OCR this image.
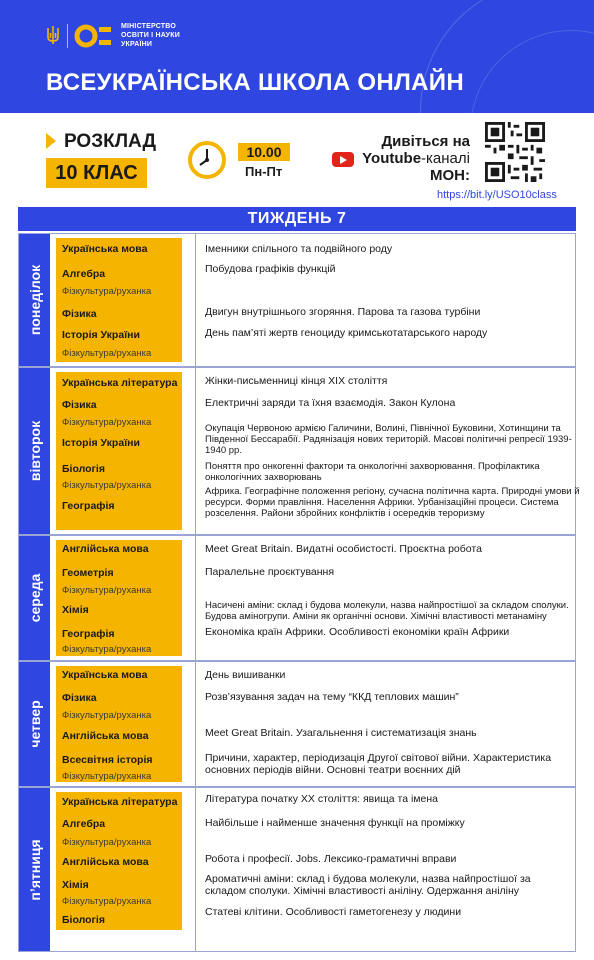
МІНІСТЕРСТВО
ОСВІТИ І НАУКИ
УКРАЇНИ
ВСЕУКРАЇНСЬКА ШКОЛА ОНЛАЙН
РОЗКЛАД
10 КЛАС
10.00
Пн-Пт
Дивіться на
Youtube-каналі
МОН:
https://bit.ly/USO10class
ТИЖДЕНЬ 7
понеділок
Українська мова
Алгебра
Фізкультура/руханка
Фізика
Історія України
Фізкультура/руханка
Іменники спільного та подвійного роду
Побудова графіків функцій
Двигун внутрішнього згоряння. Парова та газова турбіни
День пам’яті жертв геноциду кримськотатарського народу
вівторок
Українська література
Фізика
Фізкультура/руханка
Історія України
Біологія
Фізкультура/руханка
Географія
Жінки-письменниці кінця ХІХ століття
Електричні заряди та їхня взаємодія. Закон Кулона
Окупація Червоною армією Галичини, Волині, Північної Буковини, Хотинщини та Південної Бессарабії. Радянізація нових територій. Масові політичні репресії 1939-1940 рр.
Поняття про онкогенні фактори та онкологічні захворювання. Профілактика онкологічних захворювань
Африка. Географічне положення регіону, сучасна політична карта. Природні умови й ресурси. Форми правління. Населення Африки. Урбанізаційні процеси. Система розселення. Райони збройних конфліктів і осередків тероризму
середа
Англійська мова
Геометрія
Фізкультура/руханка
Хімія
Географія
Фізкультура/руханка
Meet Great Britain. Видатні особистості. Проєктна робота
Паралельне проєктування
Насичені аміни: склад і будова молекули, назва найпростішої за складом сполуки. Будова аміногрупи. Аміни як органічні основи. Хімічні властивості метанаміну
Економіка країн Африки. Особливості економіки країн Африки
четвер
Українська мова
Фізика
Фізкультура/руханка
Англійська мова
Всесвітня історія
Фізкультура/руханка
День вишиванки
Розв’язування задач на тему “ККД теплових машин”
Meet Great Britain. Узагальнення і систематизація знань
Причини, характер, періодизація Другої світової війни. Характеристика основних періодів війни. Основні театри воєнних дій
п’ятниця
Українська література
Алгебра
Фізкультура/руханка
Англійська мова
Хімія
Фізкультура/руханка
Біологія
Література початку ХХ століття: явища та імена
Найбільше і найменше значення функції на проміжку
Робота і професії. Jobs. Лексико-граматичні вправи
Ароматичні аміни: склад і будова молекули, назва найпростішої за складом сполуки. Хімічні властивості аніліну. Одержання аніліну
Статеві клітини. Особливості гаметогенезу у людини
